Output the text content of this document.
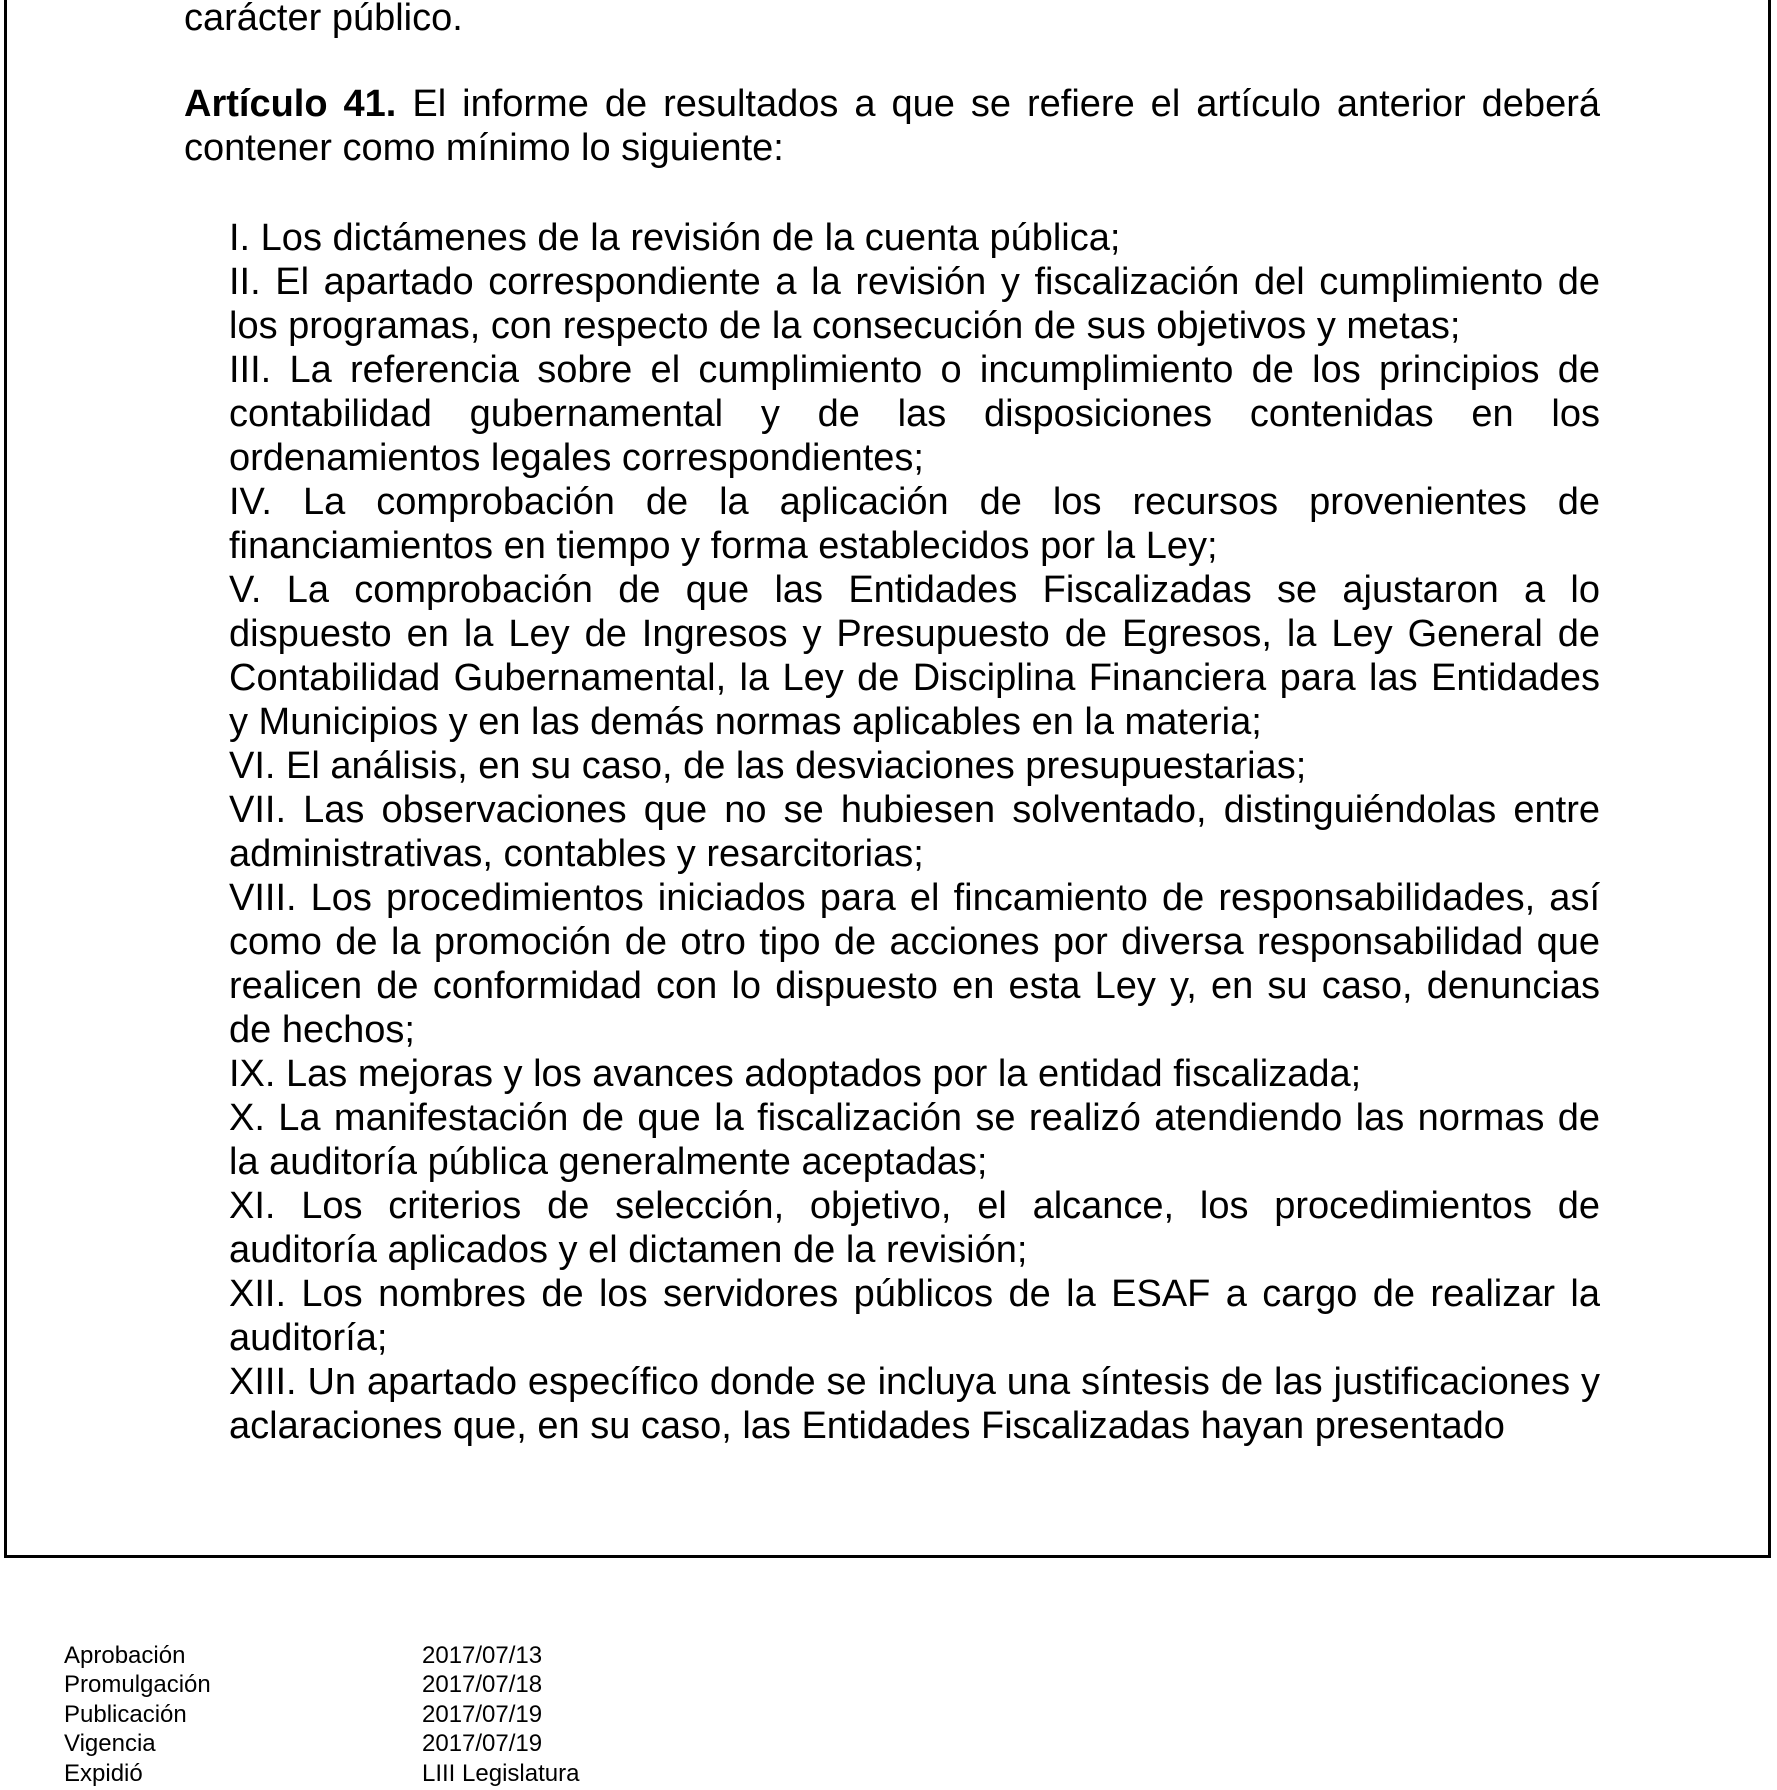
carácter público.
Artículo 41. El informe de resultados a que se refiere el artículo anterior deberá contener como mínimo lo siguiente:

I. Los dictámenes de la revisión de la cuenta pública;

II. El apartado correspondiente a la revisión y fiscalización del cumplimiento de los programas, con respecto de la consecución de sus objetivos y metas;

III. La referencia sobre el cumplimiento o incumplimiento de los principios de contabilidad gubernamental y de las disposiciones contenidas en los ordenamientos legales correspondientes;

IV. La comprobación de la aplicación de los recursos provenientes de financiamientos en tiempo y forma establecidos por la Ley;

V. La comprobación de que las Entidades Fiscalizadas se ajustaron a lo dispuesto en la Ley de Ingresos y Presupuesto de Egresos, la Ley General de Contabilidad Gubernamental, la Ley de Disciplina Financiera para las Entidades y Municipios y en las demás normas aplicables en la materia;

VI. El análisis, en su caso, de las desviaciones presupuestarias;

VII. Las observaciones que no se hubiesen solventado, distinguiéndolas entre administrativas, contables y resarcitorias;

VIII. Los procedimientos iniciados para el fincamiento de responsabilidades, así como de la promoción de otro tipo de acciones por diversa responsabilidad que realicen de conformidad con lo dispuesto en esta Ley y, en su caso, denuncias de hechos;

IX. Las mejoras y los avances adoptados por la entidad fiscalizada;

X. La manifestación de que la fiscalización se realizó atendiendo las normas de la auditoría pública generalmente aceptadas;

XI. Los criterios de selección, objetivo, el alcance, los procedimientos de auditoría aplicados y el dictamen de la revisión;

XII. Los nombres de los servidores públicos de la ESAF a cargo de realizar la auditoría;

XIII. Un apartado específico donde se incluya una síntesis de las justificaciones y aclaraciones que, en su caso, las Entidades Fiscalizadas hayan presentado

Aprobación	2017/07/13
Promulgación	2017/07/18
Publicación	2017/07/19
Vigencia	2017/07/19
Expidió	LIII Legislatura
